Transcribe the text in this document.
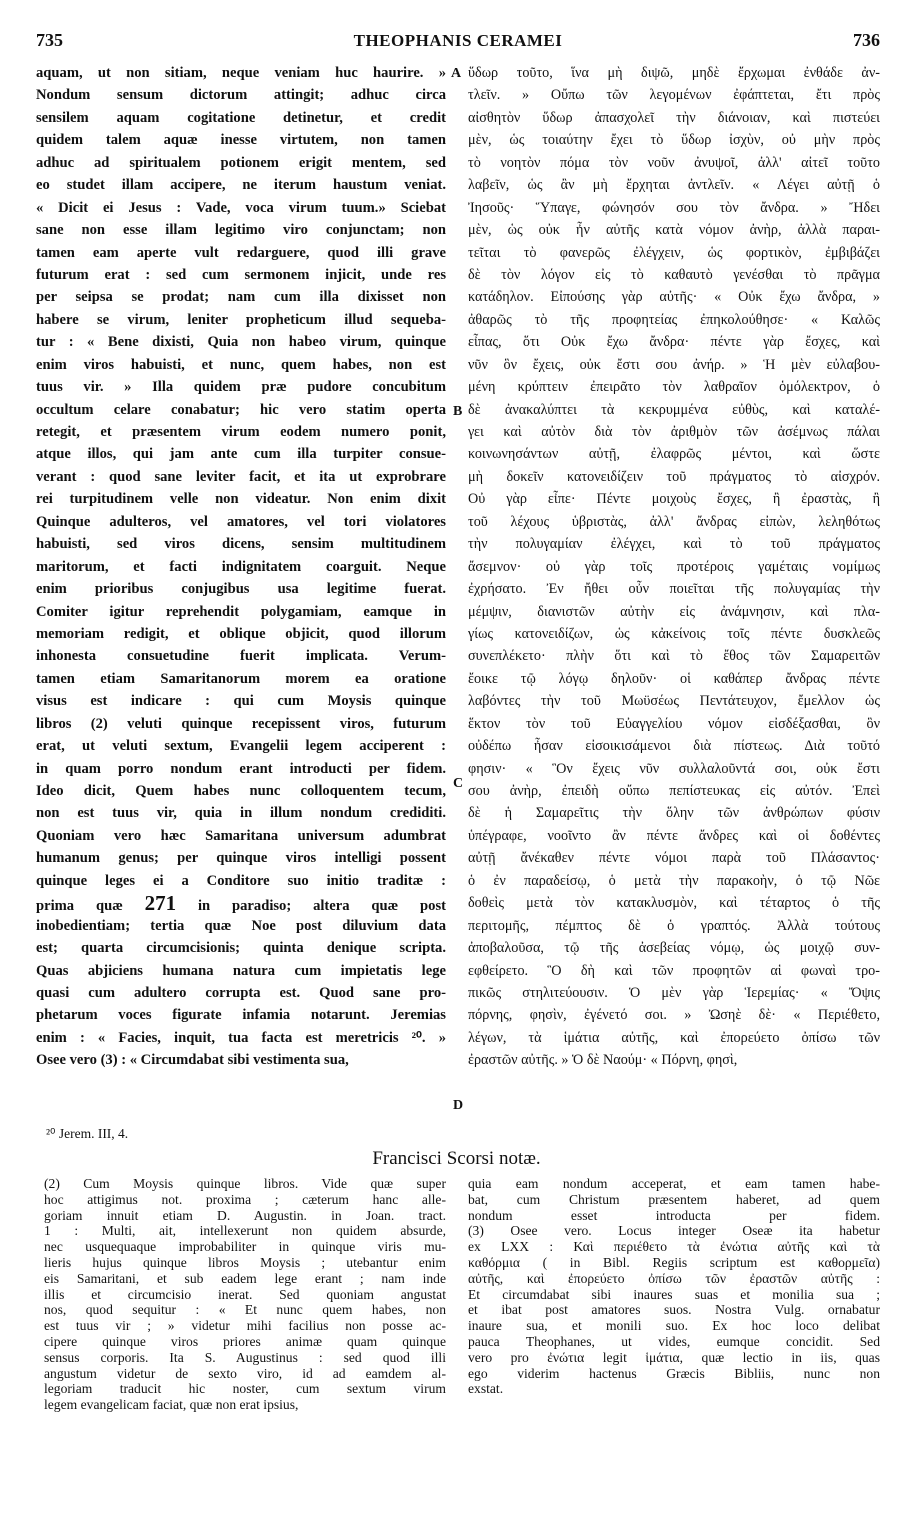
735	THEOPHANIS CERAMEI	736
aquam, ut non sitiam, neque veniam huc haurire. »
Nondum sensum dictorum attingit; adhuc circa
sensilem aquam cogitatione detinetur, et credit
quidem talem aquæ inesse virtutem, non tamen
adhuc ad spiritualem potionem erigit mentem, sed
eo studet illam accipere, ne iterum haustum veniat.
« Dicit ei Jesus : Vade, voca virum tuum.» Sciebat
sane non esse illam legitimo viro conjunctam; non
tamen eam aperte vult redarguere, quod illi grave
futurum erat : sed cum sermonem injicit, unde res
per seipsa se prodat; nam cum illa dixisset non
habere se virum, leniter propheticum illud sequeba-
tur : « Bene dixisti, Quia non habeo virum, quinque
enim viros habuisti, et nunc, quem habes, non est
tuus vir. » Illa quidem præ pudore concubitum
occultum celare conabatur; hic vero statim operta
retegit, et præsentem virum eodem numero ponit,
atque illos, qui jam ante cum illa turpiter consue-
verant : quod sane leviter facit, et ita ut exprobrare
rei turpitudinem velle non videatur. Non enim dixit
Quinque adulteros, vel amatores, vel tori violatores
habuisti, sed viros dicens, sensim multitudinem
maritorum, et facti indignitatem coarguit. Neque
enim prioribus conjugibus usa legitime fuerat.
Comiter igitur reprehendit polygamiam, eamque in
memoriam redigit, et oblique objicit, quod illorum
inhonesta consuetudine fuerit implicata. Verum-
tamen etiam Samaritanorum morem ea oratione
visus est indicare : qui cum Moysis quinque
libros (2) veluti quinque recepissent viros, futurum
erat, ut veluti sextum, Evangelii legem acciperent :
in quam porro nondum erant introducti per fidem.
Ideo dicit, Quem habes nunc colloquentem tecum,
non est tuus vir, quia in illum nondum crediditi.
Quoniam vero hæc Samaritana universum adumbrat
humanum genus; per quinque viros intelligi possent
quinque leges ei a Conditore suo initio traditæ :
prima quæ 271 in paradiso; altera quæ post
inobedientiam; tertia quæ Noe post diluvium data
est; quarta circumcisionis; quinta denique scripta.
Quas abjiciens humana natura cum impietatis lege
quasi cum adultero corrupta est. Quod sane pro-
phetarum voces figurate infamia notarunt. Jeremias
enim : « Facies, inquit, tua facta est meretricis ²⁰. »
Osee vero (3) : « Circumdabat sibi vestimenta sua,
ὕδωρ τοῦτο, ἵνα μὴ διψῶ, μηδὲ ἔρχωμαι ἐνθάδε ἀν-
τλεῖν. » Οὔπω τῶν λεγομένων ἐφάπτεται, ἔτι πρὸς
αἰσθητὸν ὕδωρ ἀπασχολεῖ τὴν διάνοιαν, καὶ πιστεύει
μὲν, ὡς τοιαύτην ἔχει τὸ ὕδωρ ἰσχὺν, οὐ μὴν πρὸς
τὸ νοητὸν πόμα τὸν νοῦν ἀνυψοῖ, ἀλλ' αἰτεῖ τοῦτο
λαβεῖν, ὡς ἂν μὴ ἔρχηται ἀντλεῖν. « Λέγει αὐτῇ ὁ
Ἰησοῦς· Ὕπαγε, φώνησόν σου τὸν ἄνδρα. » Ἤδει
μὲν, ὡς οὐκ ἦν αὐτῆς κατὰ νόμον ἀνὴρ, ἀλλὰ παραι-
τεῖται τὸ φανερῶς ἐλέγχειν, ὡς φορτικὸν, ἐμβιβάζει
δὲ τὸν λόγον εἰς τὸ καθαυτὸ γενέσθαι τὸ πρᾶγμα
κατάδηλον. Εἰπούσης γὰρ αὐτῆς· « Οὐκ ἔχω ἄνδρα, »
ἀθαρῶς τὸ τῆς προφητείας ἐπηκολούθησε· « Καλῶς
εἶπας, ὅτι Οὐκ ἔχω ἄνδρα· πέντε γὰρ ἔσχες, καὶ
νῦν ὃν ἔχεις, οὐκ ἔστι σου ἀνήρ. » Ἡ μὲν εὐλαβου-
μένη κρύπτειν ἐπειρᾶτο τὸν λαθραῖον ὁμόλεκτρον, ὁ
δὲ ἀνακαλύπτει τὰ κεκρυμμένα εὐθὺς, καὶ καταλέ-
γει καὶ αὐτὸν διὰ τὸν ἀριθμὸν τῶν ἀσέμνως πάλαι
κοινωνησάντων αὐτῇ, ἐλαφρῶς μέντοι, καὶ ὥστε
μὴ δοκεῖν κατονειδίζειν τοῦ πράγματος τὸ αἰσχρόν.
Οὐ γὰρ εἶπε· Πέντε μοιχοὺς ἔσχες, ἢ ἐραστὰς, ἢ
τοῦ λέχους ὑβριστὰς, ἀλλ' ἄνδρας εἰπὼν, λεληθότως
τὴν πολυγαμίαν ἐλέγχει, καὶ τὸ τοῦ πράγματος
ἄσεμνον· οὐ γὰρ τοῖς προτέροις γαμέταις νομίμως
ἐχρήσατο. Ἐν ἤθει οὖν ποιεῖται τῆς πολυγαμίας τὴν
μέμψιν, διανιστῶν αὐτὴν εἰς ἀνάμνησιν, καὶ πλα-
γίως κατονειδίζων, ὡς κἀκείνοις τοῖς πέντε δυσκλεῶς
συνεπλέκετο· πλὴν ὅτι καὶ τὸ ἔθος τῶν Σαμαρειτῶν
ἔοικε τῷ λόγῳ δηλοῦν· οἱ καθάπερ ἄνδρας πέντε
λαβόντες τὴν τοῦ Μωϋσέως Πεντάτευχον, ἔμελλον ὡς
ἕκτον τὸν τοῦ Εὐαγγελίου νόμον εἰσδέξασθαι, ὃν
οὐδέπω ἦσαν εἰσοικισάμενοι διὰ πίστεως. Διὰ τοῦτό
φησιν· « Ὃν ἔχεις νῦν συλλαλοῦντά σοι, οὐκ ἔστι
σου ἀνὴρ, ἐπειδὴ οὔπω πεπίστευκας εἰς αὐτόν. Ἐπεὶ
δὲ ἡ Σαμαρεῖτις τὴν ὅλην τῶν ἀνθρώπων φύσιν
ὑπέγραφε, νοοῖντο ἂν πέντε ἄνδρες καὶ οἱ δοθέντες
αὐτῇ ἄνέκαθεν πέντε νόμοι παρὰ τοῦ Πλάσαντος·
ὁ ἐν παραδείσῳ, ὁ μετὰ τὴν παρακοὴν, ὁ τῷ Νῶε
δοθεὶς μετὰ τὸν κατακλυσμὸν, καὶ τέταρτος ὁ τῆς
περιτομῆς, πέμπτος δὲ ὁ γραπτός. Ἀλλὰ τούτους
ἀποβαλοῦσα, τῷ τῆς ἀσεβείας νόμῳ, ὡς μοιχῷ συν-
εφθείρετο. Ὃ δὴ καὶ τῶν προφητῶν αἱ φωναὶ τρο-
πικῶς στηλιτεύουσιν. Ὁ μὲν γὰρ Ἱερεμίας· « Ὄψις
πόρνης, φησὶν, ἐγένετό σοι. » Ὠσηὲ δὲ· « Περιέθετο,
λέγων, τὰ ἱμάτια αὐτῆς, καὶ ἐπορεύετο ὀπίσω τῶν
ἐραστῶν αὐτῆς. » Ὁ δὲ Ναούμ· « Πόρνη, φησὶ,
A
B
C
D
²⁰ Jerem. III, 4.
Francisci Scorsi notæ.
(2) Cum Moysis quinque libros. Vide quæ super
hoc attigimus not. proxima ; cæterum hanc alle-
goriam innuit etiam D. Augustin. in Joan. tract.
1 : Multi, ait, intellexerunt non quidem absurde,
nec usquequaque improbabiliter in quinque viris mu-
lieris hujus quinque libros Moysis ; utebantur enim
eis Samaritani, et sub eadem lege erant ; nam inde
illis et circumcisio inerat. Sed quoniam angustat
nos, quod sequitur : « Et nunc quem habes, non
est tuus vir ; » videtur mihi facilius non posse ac-
cipere quinque viros priores animæ quam quinque
sensus corporis. Ita S. Augustinus : sed quod illi
angustum videtur de sexto viro, id ad eamdem al-
legoriam traducit hic noster, cum sextum virum
legem evangelicam faciat, quæ non erat ipsius,
quia eam nondum acceperat, et eam tamen habe-
bat, cum Christum præsentem haberet, ad quem
nondum esset introducta per fidem.
(3) Osee vero. Locus integer Oseæ ita habetur
ex LXX : Καὶ περιέθετο τὰ ἐνώτια αὐτῆς καὶ τὰ
καθόρμια ( in Bibl. Regiis scriptum est καθορμεῖα)
αὐτῆς, καὶ ἐπορεύετο ὀπίσω τῶν ἐραστῶν αὐτῆς :
Et circumdabat sibi inaures suas et monilia sua ;
et ibat post amatores suos. Nostra Vulg. ornabatur
inaure sua, et monili suo. Ex hoc loco delibat
pauca Theophanes, ut vides, eumque concidit. Sed
vero pro ἐνώτια legit ἱμάτια, quæ lectio in iis, quas
ego viderim hactenus Græcis Bibliis, nunc non
exstat.
